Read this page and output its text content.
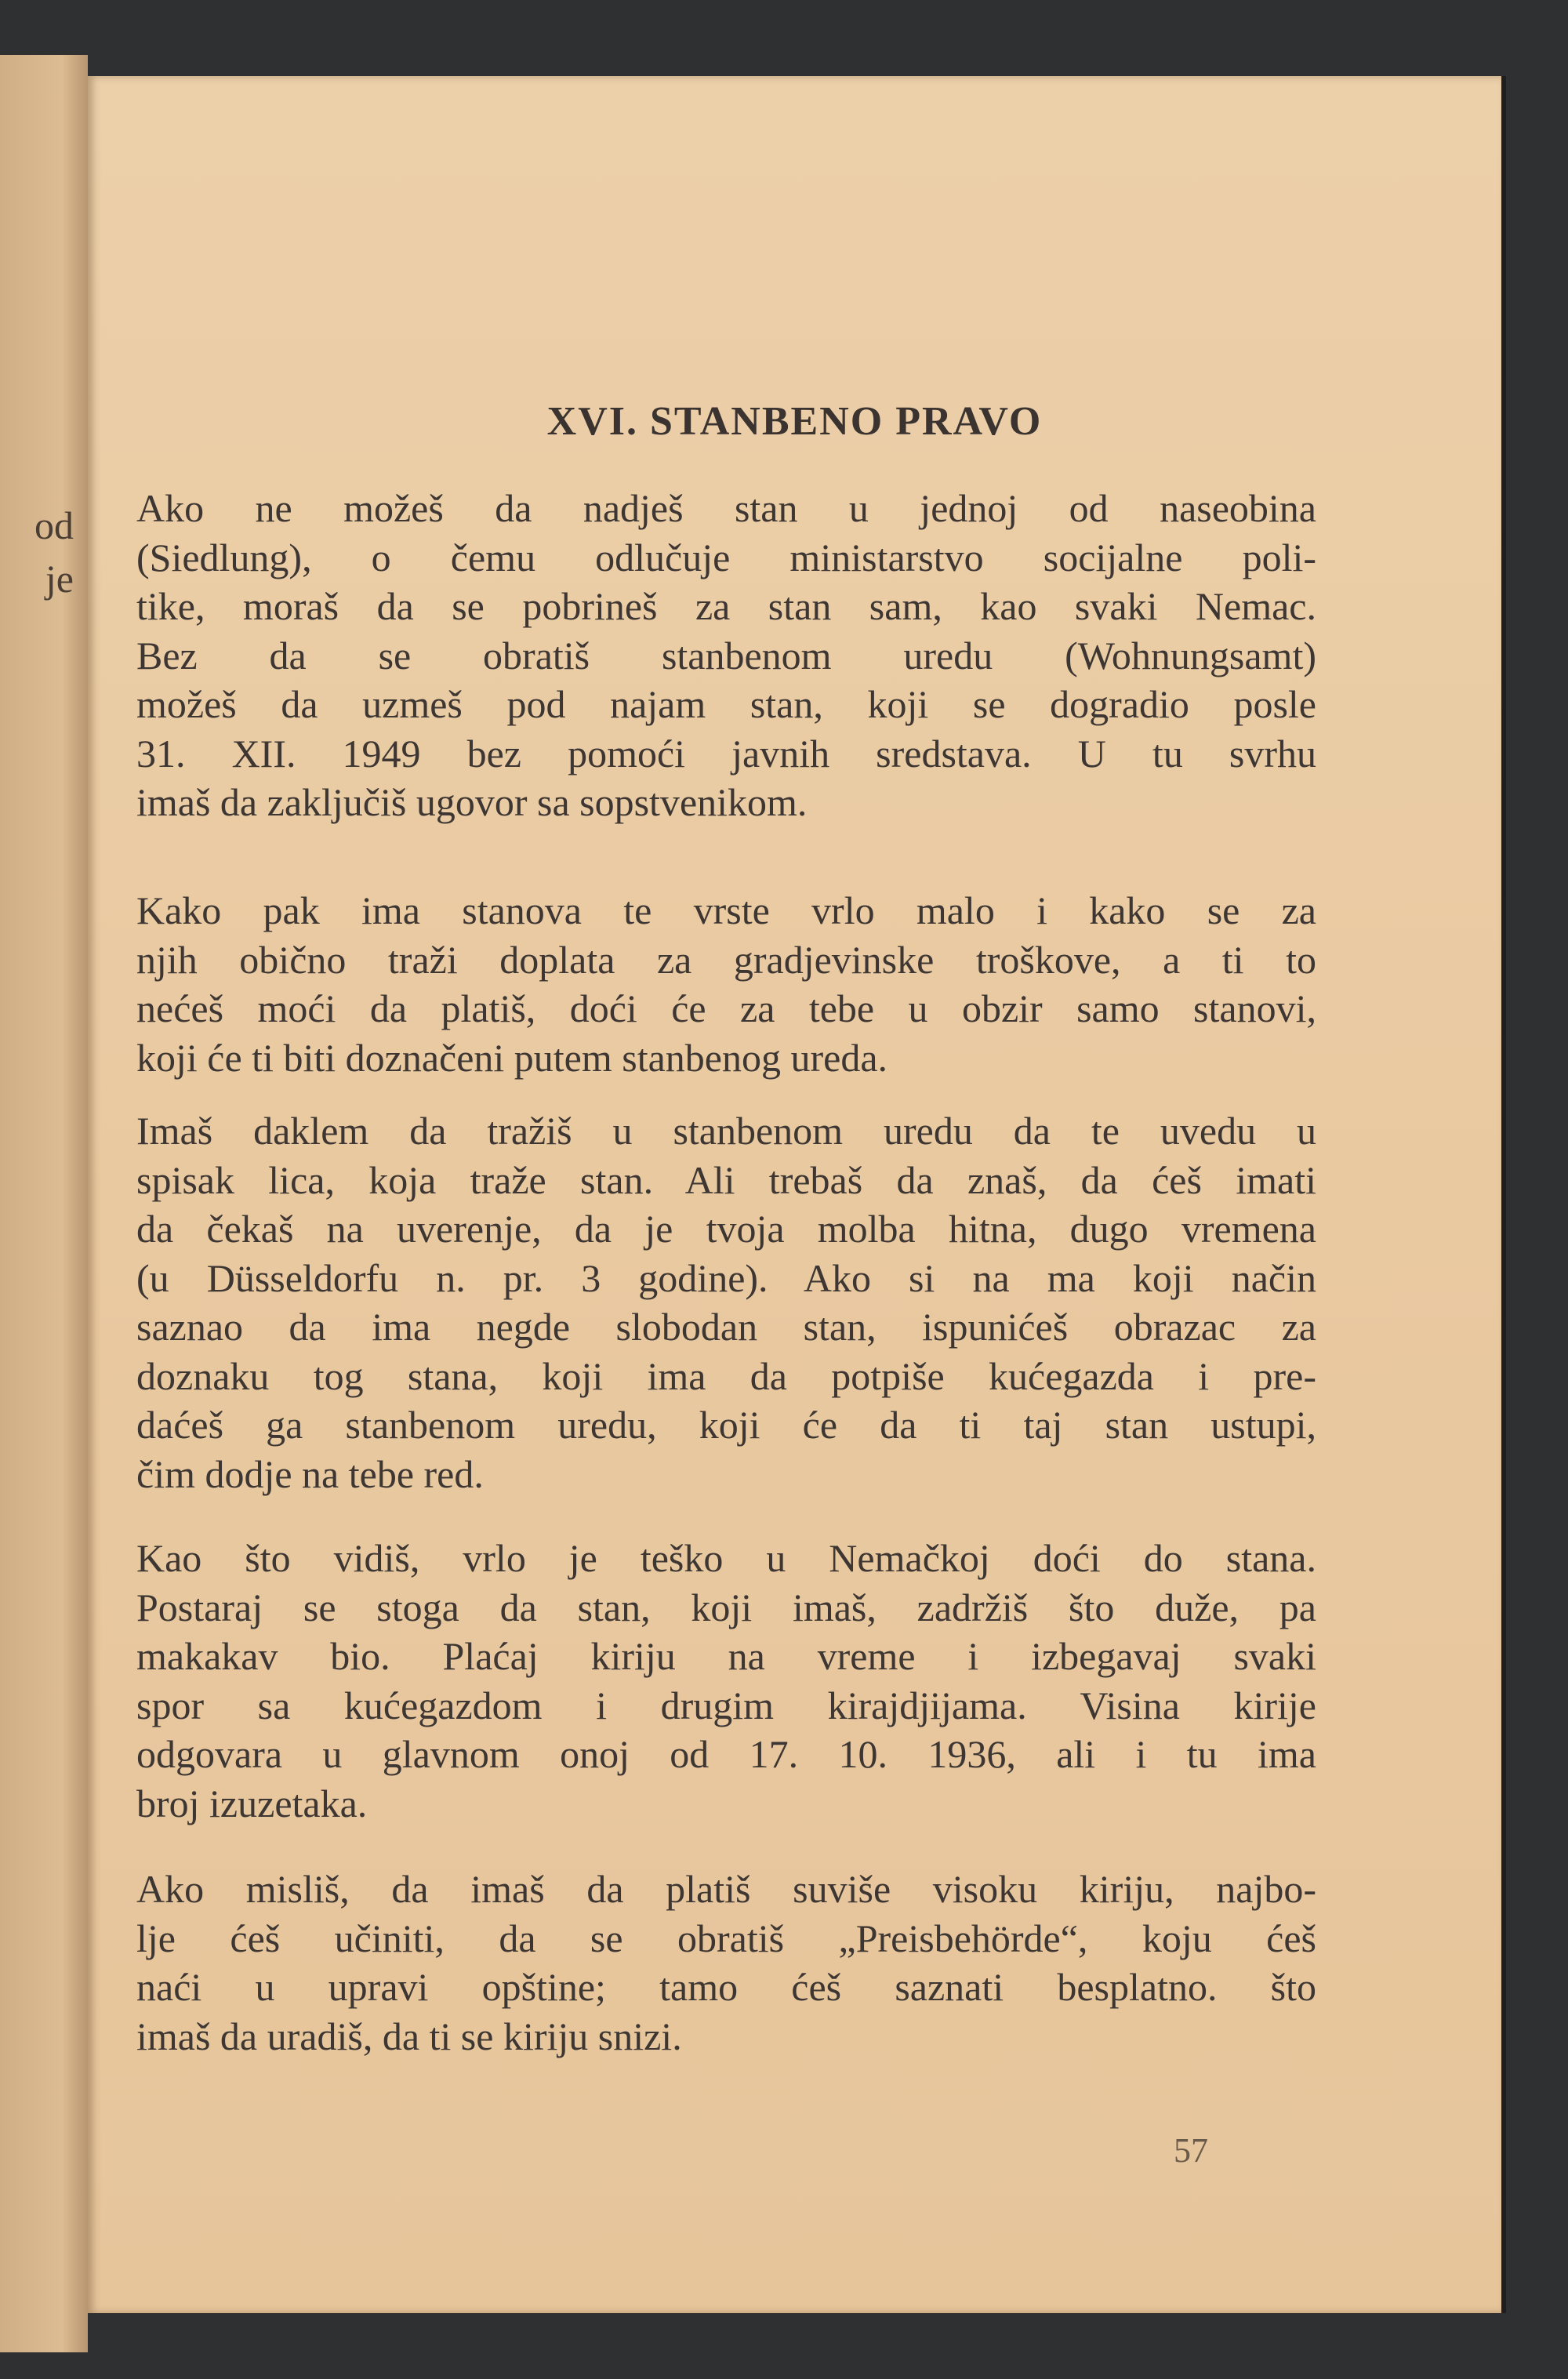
od
je
XVI. STANBENO PRAVO
Ako ne možeš da nadješ stan u jednoj od naseobina
(Siedlung), o čemu odlučuje ministarstvo socijalne poli-
tike, moraš da se pobrineš za stan sam, kao svaki Nemac.
Bez da se obratiš stanbenom uredu (Wohnungsamt)
možeš da uzmeš pod najam stan, koji se dogradio posle
31. XII. 1949 bez pomoći javnih sredstava. U tu svrhu
imaš da zaključiš ugovor sa sopstvenikom.
Kako pak ima stanova te vrste vrlo malo i kako se za
njih obično traži doplata za gradjevinske troškove, a ti to
nećeš moći da platiš, doći će za tebe u obzir samo stanovi,
koji će ti biti doznačeni putem stanbenog ureda.
Imaš daklem da tražiš u stanbenom uredu da te uvedu u
spisak lica, koja traže stan. Ali trebaš da znaš, da ćeš imati
da čekaš na uverenje, da je tvoja molba hitna, dugo vremena
(u Düsseldorfu n. pr. 3 godine). Ako si na ma koji način
saznao da ima negde slobodan stan, ispunićeš obrazac za
doznaku tog stana, koji ima da potpiše kućegazda i pre-
daćeš ga stanbenom uredu, koji će da ti taj stan ustupi,
čim dodje na tebe red.
Kao što vidiš, vrlo je teško u Nemačkoj doći do stana.
Postaraj se stoga da stan, koji imaš, zadržiš što duže, pa
makakav bio. Plaćaj kiriju na vreme i izbegavaj svaki
spor sa kućegazdom i drugim kirajdjijama. Visina kirije
odgovara u glavnom onoj od 17. 10. 1936, ali i tu ima
broj izuzetaka.
Ako misliš, da imaš da platiš suviše visoku kiriju, najbo-
lje ćeš učiniti, da se obratiš „Preisbehörde“, koju ćeš
naći u upravi opštine; tamo ćeš saznati besplatno. što
imaš da uradiš, da ti se kiriju snizi.
57
